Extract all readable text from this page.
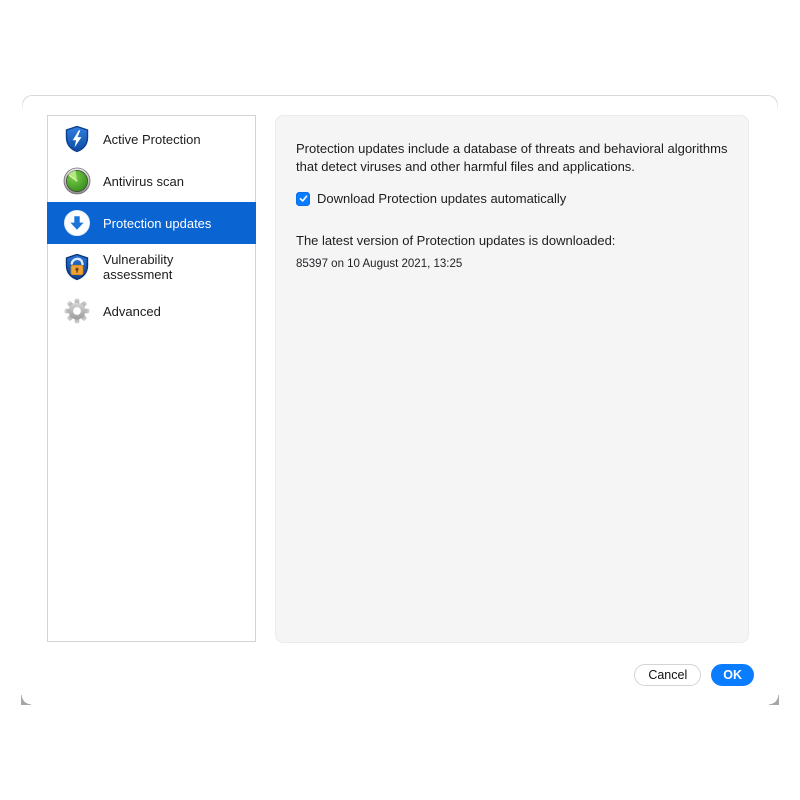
Active Protection
Antivirus scan
Protection updates
Vulnerability assessment
Advanced

Protection updates include a database of threats and behavioral algorithms that detect viruses and other harmful files and applications.

Download Protection updates automatically

The latest version of Protection updates is downloaded:

85397 on 10 August 2021, 13:25

Cancel	OK
